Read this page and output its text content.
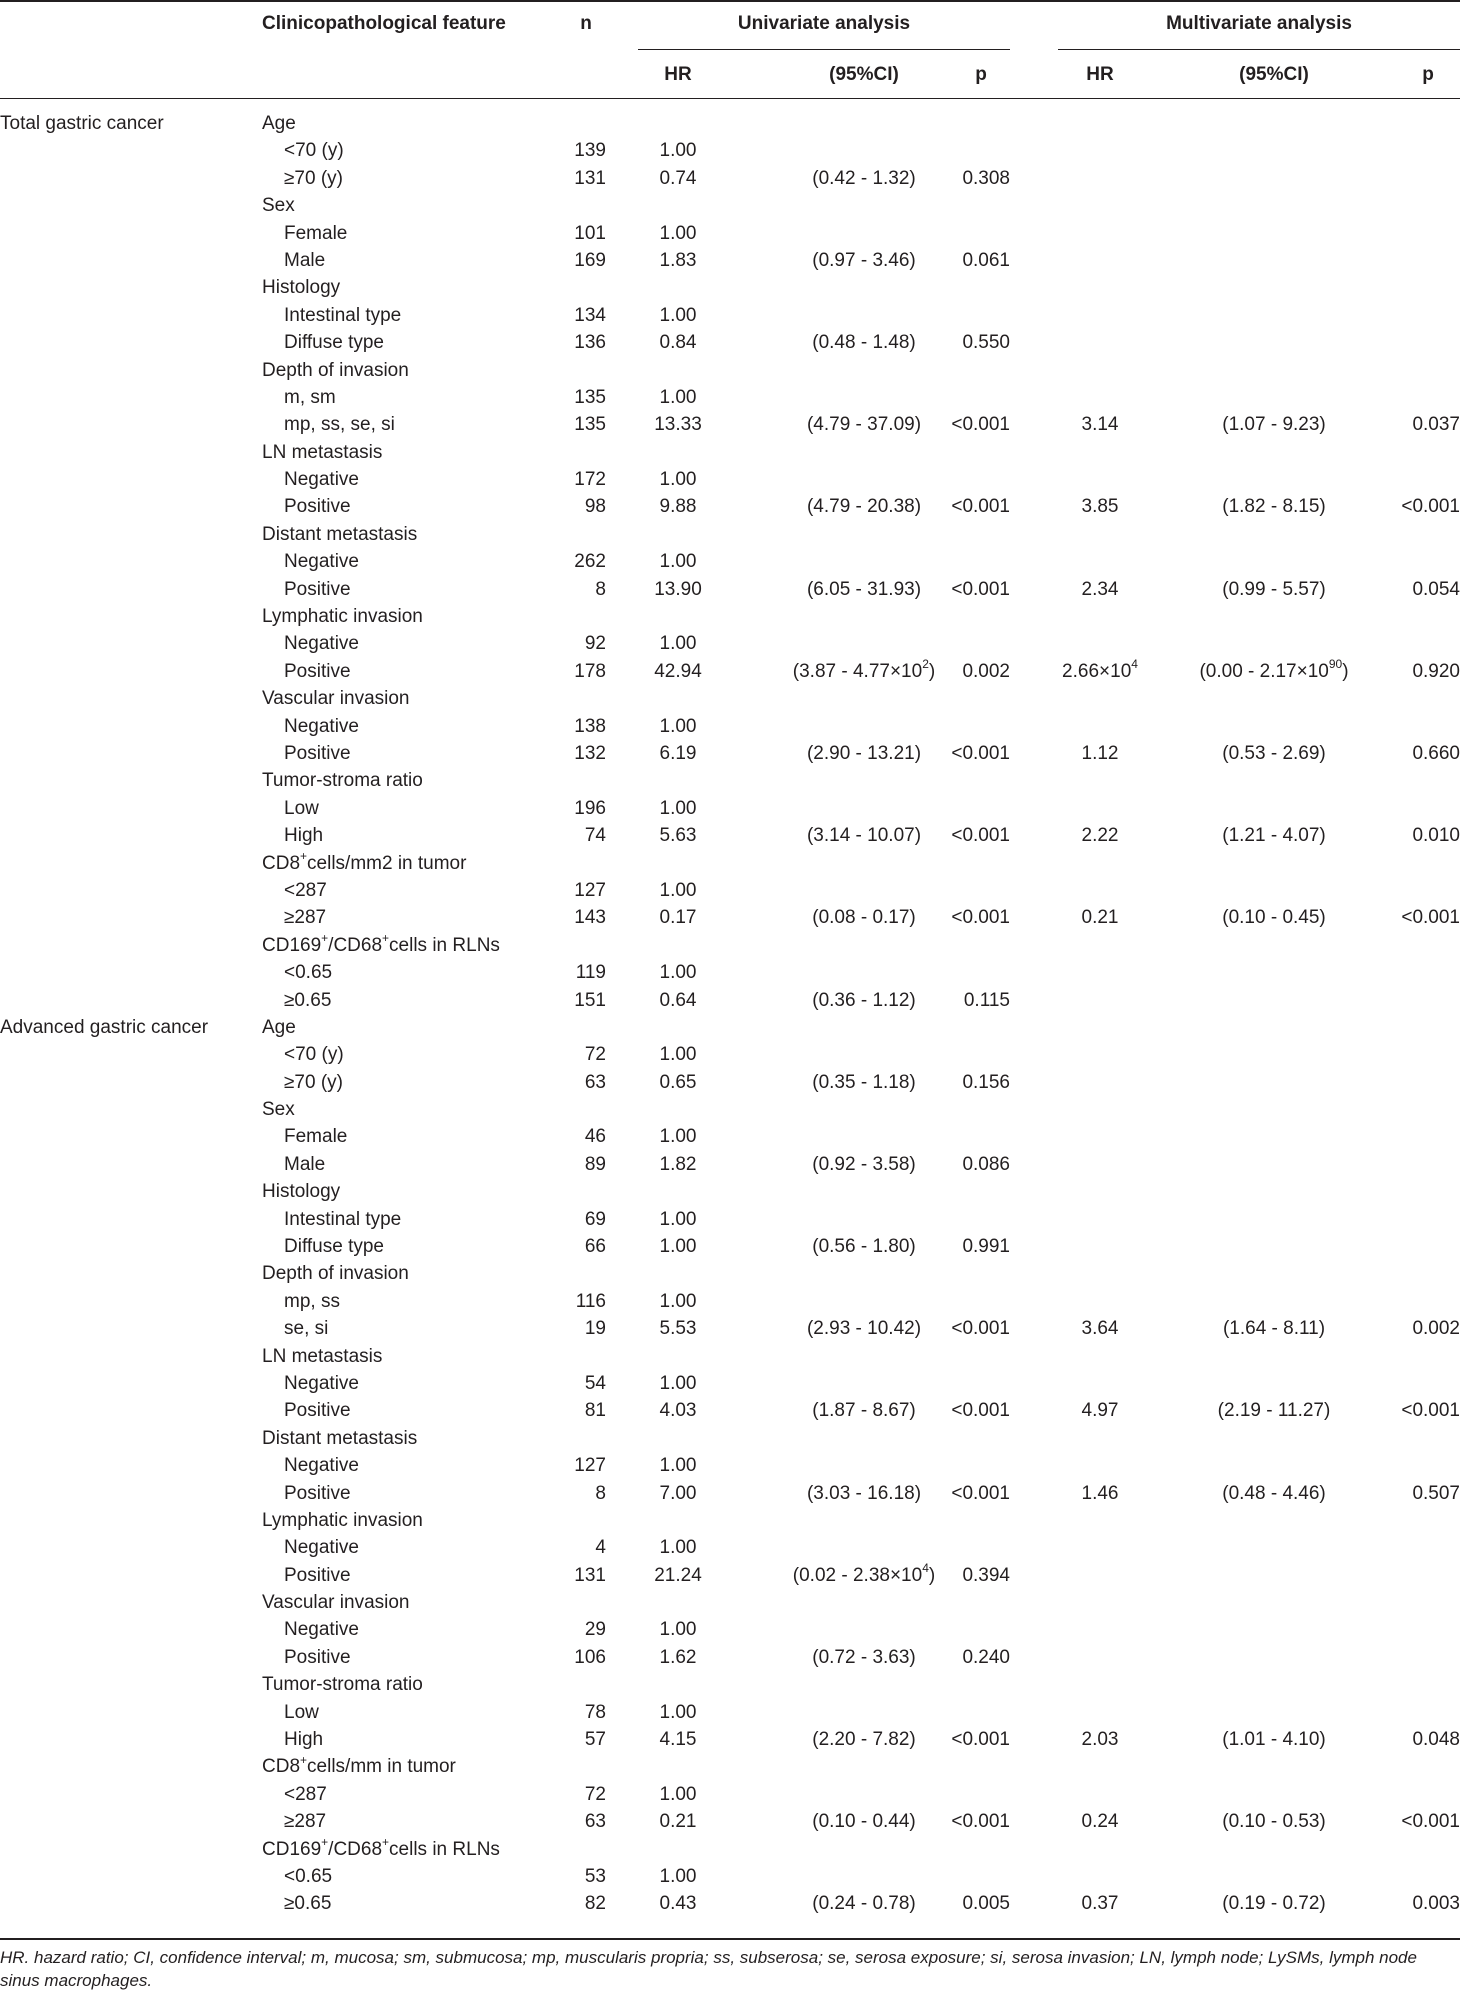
Clinicopathological feature	n	Univariate analysis	Multivariate analysis
HR	(95%CI)	p	HR	(95%CI)	p
Total gastric cancer	Age
<70 (y)	139	1.00
≥70 (y)	131	0.74	(0.42 - 1.32) 0.308
Sex
Female	101	1.00
Male	169	1.83	(0.97 - 3.46) 0.061
Histology
Intestinal type	134	1.00
Diffuse type	136	0.84	(0.48 - 1.48) 0.550
Depth of invasion
m, sm	135	1.00
mp, ss, se, si	135	13.33	(4.79 - 37.09) <0.001	3.14	(1.07 - 9.23)	0.037
LN metastasis
Negative	172	1.00
Positive	98	9.88	(4.79 - 20.38) <0.001	3.85	(1.82 - 8.15)	<0.001
Distant metastasis
Negative	262	1.00
Positive	8	13.90	(6.05 - 31.93) <0.001	2.34	(0.99 - 5.57)	0.054
Lymphatic invasion
Negative	92	1.00
Positive	178	42.94	$(3.87 - 4.77\times 10^2)$ 0.002	$2.66\times 10^4$	$(0.00 - 2.17\times 10^{90})$	0.920
Vascular invasion
Negative	138	1.00
Positive	132	6.19	(2.90 - 13.21) <0.001	1.12	(0.53 - 2.69)	0.660
Tumor-stroma ratio
Low	196	1.00
High	74	5.63	(3.14 - 10.07) <0.001	2.22	(1.21 - 4.07)	0.010
CD8+cells/mm2 in tumor
<287	127	1.00
≥287	143	0.17	(0.08 - 0.17) <0.001	0.21	(0.10 - 0.45)	<0.001
CD169+/CD68+cells in RLNs
<0.65	119	1.00
≥0.65	151	0.64	(0.36 - 1.12)	0.115
Advanced gastric cancer	Age
<70 (y)	72	1.00
≥70 (y)	63	0.65	(0.35 - 1.18) 0.156
Sex
Female	46	1.00
Male	89	1.82	(0.92 - 3.58) 0.086
Histology
Intestinal type	69	1.00
Diffuse type	66	1.00	(0.56 - 1.80) 0.991
Depth of invasion
mp, ss	116	1.00
se, si	19	5.53	(2.93 - 10.42) <0.001	3.64	(1.64 - 8.11)	0.002
LN metastasis
Negative	54	1.00
Positive	81	4.03	(1.87 - 8.67) <0.001	4.97	(2.19 - 11.27)	<0.001
Distant metastasis
Negative	127	1.00
Positive	8	7.00	(3.03 - 16.18) <0.001	1.46	(0.48 - 4.46)	0.507
Lymphatic invasion
Negative	4	1.00
Positive	131	21.24	$(0.02 - 2.38\times 10^4)$ 0.394
Vascular invasion
Negative	29	1.00
Positive	106	1.62	(0.72 - 3.63) 0.240
Tumor-stroma ratio
Low	78	1.00
High	57	4.15	(2.20 - 7.82) <0.001	2.03	(1.01 - 4.10)	0.048
CD8+cells/mm in tumor
<287	72	1.00
≥287	63	0.21	(0.10 - 0.44) <0.001	0.24	(0.10 - 0.53)	<0.001
CD169+/CD68+cells in RLNs
<0.65	53	1.00
≥0.65	82	0.43	(0.24 - 0.78) 0.005	0.37	(0.19 - 0.72)	0.003
HR. hazard ratio; CI, confidence interval; m, mucosa; sm, submucosa; mp, muscularis propria; ss, subserosa; se, serosa exposure; si, serosa invasion; LN, lymph node; LySMs, lymph node sinus macrophages.
